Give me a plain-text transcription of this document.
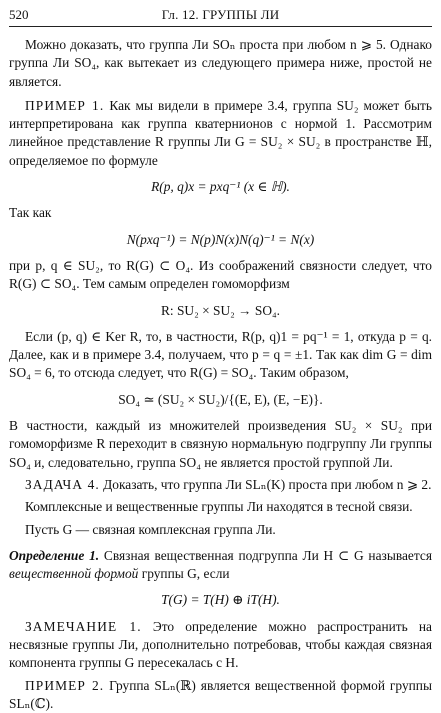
520	Гл. 12. ГРУППЫ ЛИ

Можно доказать, что группа Ли SOₙ проста при любом n ⩾ 5. Однако группа Ли SO₄, как вытекает из следующего примера ниже, простой не является.

ПРИМЕР 1. Как мы видели в примере 3.4, группа SU₂ может быть интерпретирована как группа кватернионов с нормой 1. Рассмотрим линейное представление R группы Ли G = SU₂ × SU₂ в пространстве ℍ, определяемое по формуле

R(p, q)x = pxq⁻¹ (x ∈ ℍ).

Так как

N(pxq⁻¹) = N(p)N(x)N(q)⁻¹ = N(x)

при p, q ∈ SU₂, то R(G) ⊂ O₄. Из соображений связности следует, что R(G) ⊂ SO₄. Тем самым определен гомоморфизм

R: SU₂ × SU₂ → SO₄.

Если (p, q) ∈ Ker R, то, в частности, R(p, q)1 = pq⁻¹ = 1, откуда p = q. Далее, как и в примере 3.4, получаем, что p = q = ±1. Так как dim G = dim SO₄ = 6, то отсюда следует, что R(G) = SO₄. Таким образом,

SO₄ ≃ (SU₂ × SU₂)/{(E, E), (E, −E)}.

В частности, каждый из множителей произведения SU₂ × SU₂ при гомоморфизме R переходит в связную нормальную подгруппу Ли группы SO₄ и, следовательно, группа SO₄ не является простой группой Ли.

ЗАДАЧА 4. Доказать, что группа Ли SLₙ(K) проста при любом n ⩾ 2.

Комплексные и вещественные группы Ли находятся в тесной связи.

Пусть G — связная комплексная группа Ли.

Определение 1. Связная вещественная подгруппа Ли H ⊂ G называется вещественной формой группы G, если

T(G) = T(H) ⊕ iT(H).

ЗАМЕЧАНИЕ 1. Это определение можно распространить на несвязные группы Ли, дополнительно потребовав, чтобы каждая связная компонента группы G пересекалась с H.

ПРИМЕР 2. Группа SLₙ(ℝ) является вещественной формой группы SLₙ(ℂ).
